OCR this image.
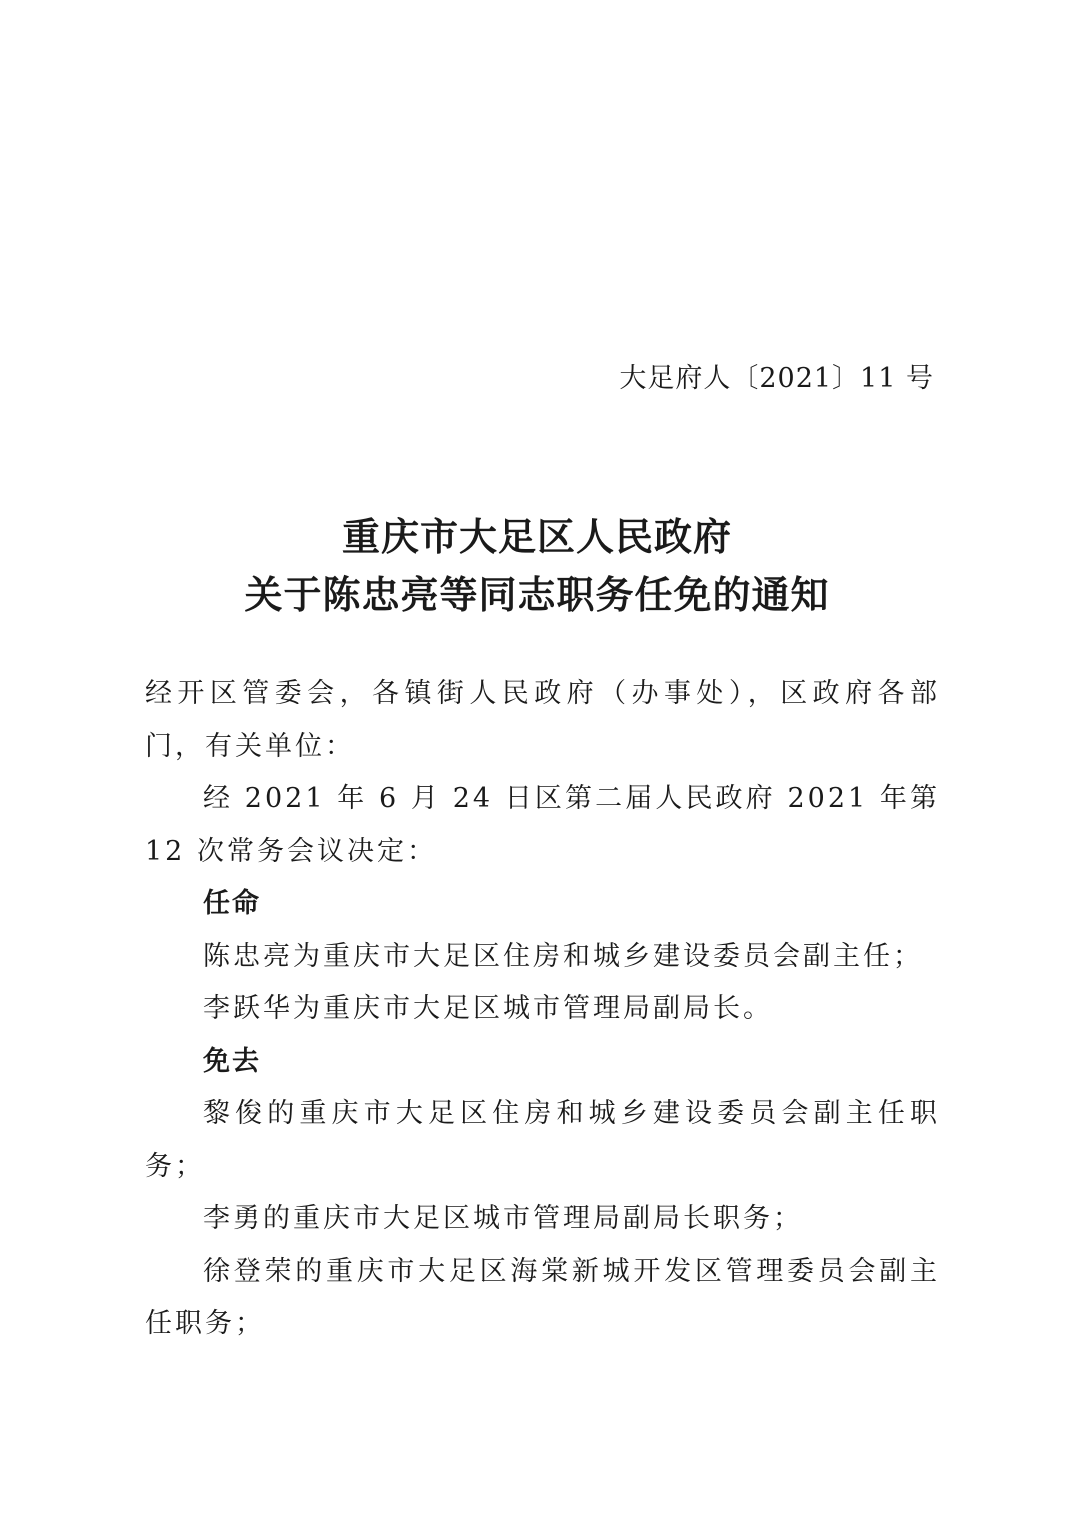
大足府人〔2021〕11 号
重庆市大足区人民政府
关于陈忠亮等同志职务任免的通知

经开区管委会，各镇街人民政府（办事处），区政府各部门，有关单位：

经 2021 年 6 月 24 日区第二届人民政府 2021 年第 12 次常务会议决定：

任命

陈忠亮为重庆市大足区住房和城乡建设委员会副主任；

李跃华为重庆市大足区城市管理局副局长。

免去

黎俊的重庆市大足区住房和城乡建设委员会副主任职务；

李勇的重庆市大足区城市管理局副局长职务；

徐登荣的重庆市大足区海棠新城开发区管理委员会副主任职务；
